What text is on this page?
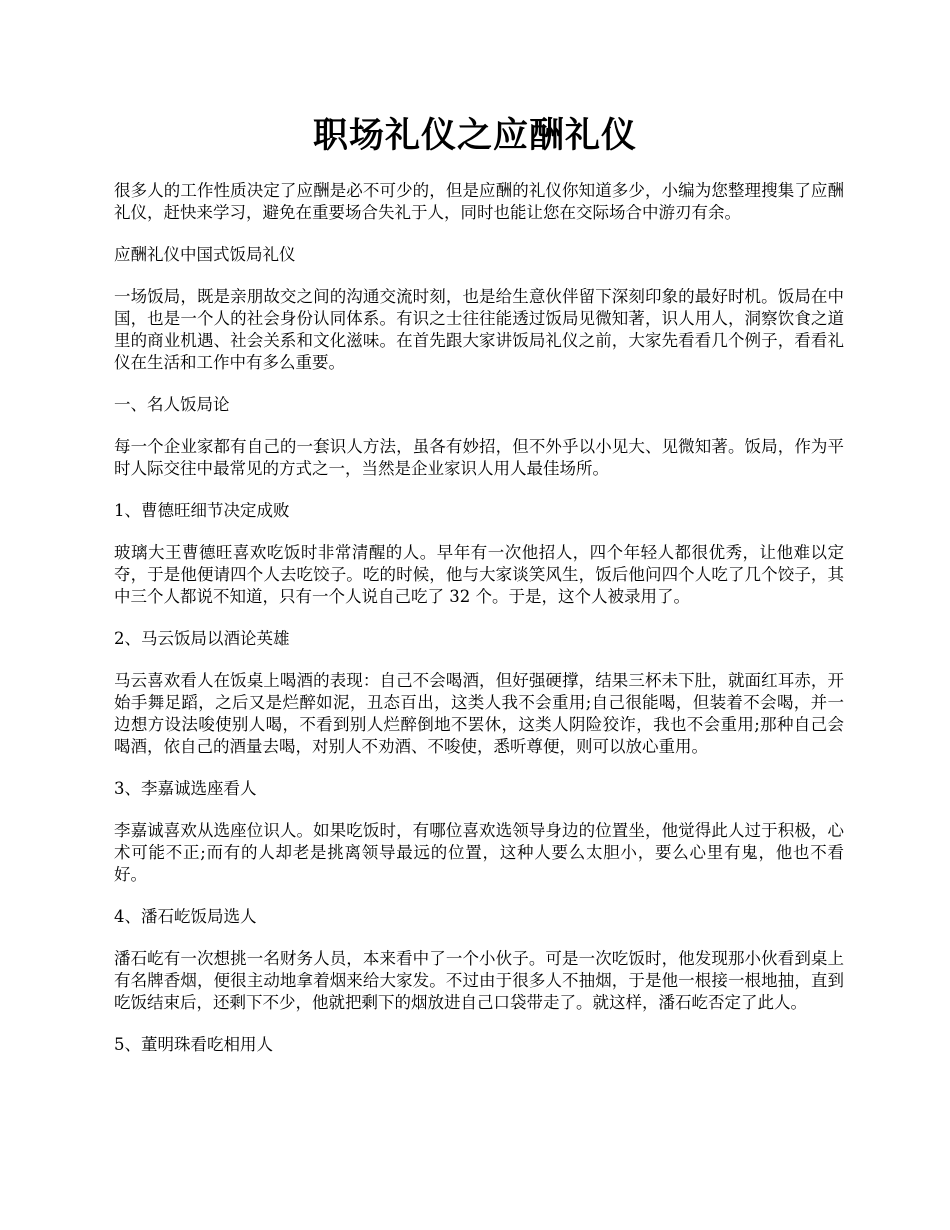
职场礼仪之应酬礼仪

很多人的工作性质决定了应酬是必不可少的，但是应酬的礼仪你知道多少，小编为您整理搜集了应酬礼仪，赶快来学习，避免在重要场合失礼于人，同时也能让您在交际场合中游刃有余。

应酬礼仪中国式饭局礼仪

一场饭局，既是亲朋故交之间的沟通交流时刻，也是给生意伙伴留下深刻印象的最好时机。饭局在中国，也是一个人的社会身份认同体系。有识之士往往能透过饭局见微知著，识人用人，洞察饮食之道里的商业机遇、社会关系和文化滋味。在首先跟大家讲饭局礼仪之前，大家先看看几个例子，看看礼仪在生活和工作中有多么重要。

一、名人饭局论

每一个企业家都有自己的一套识人方法，虽各有妙招，但不外乎以小见大、见微知著。饭局，作为平时人际交往中最常见的方式之一，当然是企业家识人用人最佳场所。

1、曹德旺细节决定成败

玻璃大王曹德旺喜欢吃饭时非常清醒的人。早年有一次他招人，四个年轻人都很优秀，让他难以定夺，于是他便请四个人去吃饺子。吃的时候，他与大家谈笑风生，饭后他问四个人吃了几个饺子，其中三个人都说不知道，只有一个人说自己吃了 32 个。于是，这个人被录用了。

2、马云饭局以酒论英雄

马云喜欢看人在饭桌上喝酒的表现：自己不会喝酒，但好强硬撑，结果三杯未下肚，就面红耳赤，开始手舞足蹈，之后又是烂醉如泥，丑态百出，这类人我不会重用;自己很能喝，但装着不会喝，并一边想方设法唆使别人喝，不看到别人烂醉倒地不罢休，这类人阴险狡诈，我也不会重用;那种自己会喝酒，依自己的酒量去喝，对别人不劝酒、不唆使，悉听尊便，则可以放心重用。

3、李嘉诚选座看人

李嘉诚喜欢从选座位识人。如果吃饭时，有哪位喜欢选领导身边的位置坐，他觉得此人过于积极，心术可能不正;而有的人却老是挑离领导最远的位置，这种人要么太胆小，要么心里有鬼，他也不看好。

4、潘石屹饭局选人

潘石屹有一次想挑一名财务人员，本来看中了一个小伙子。可是一次吃饭时，他发现那小伙看到桌上有名牌香烟，便很主动地拿着烟来给大家发。不过由于很多人不抽烟，于是他一根接一根地抽，直到吃饭结束后，还剩下不少，他就把剩下的烟放进自己口袋带走了。就这样，潘石屹否定了此人。

5、董明珠看吃相用人
